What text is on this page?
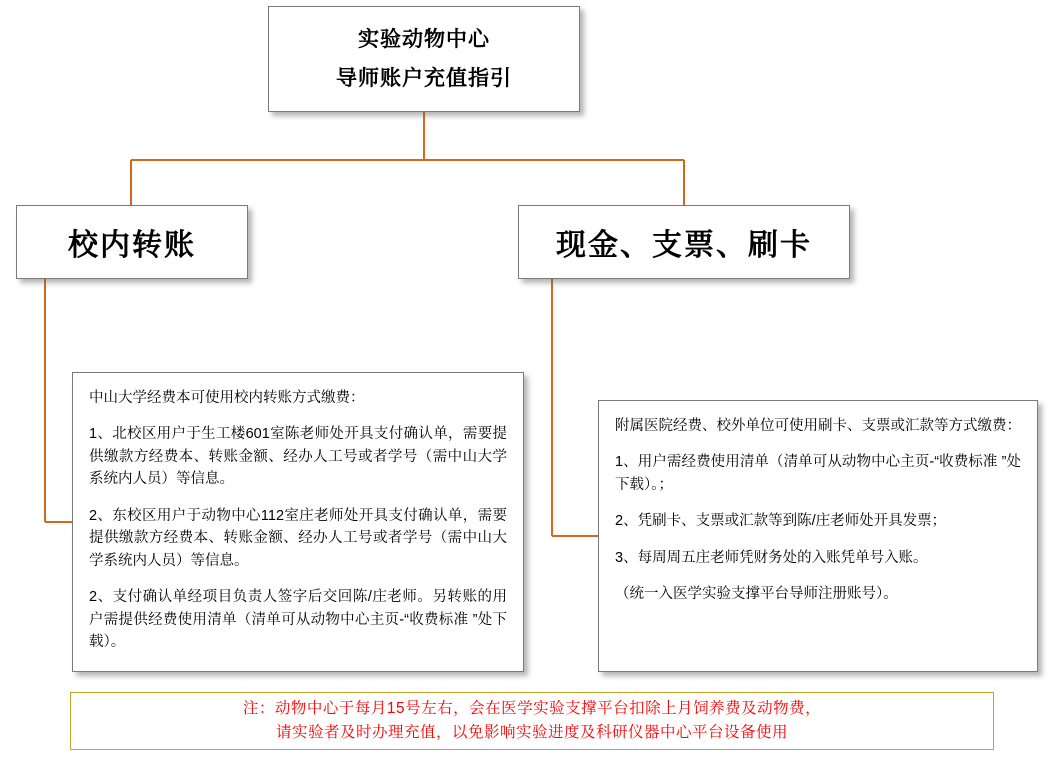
实验动物中心
导师账户充值指引
校内转账	现金、支票、刷卡

中山大学经费本可使用校内转账方式缴费：

1、北校区用户于生工楼601室陈老师处开具支付确认单，需要提供缴款方经费本、转账金额、经办人工号或者学号（需中山大学系统内人员）等信息。

2、东校区用户于动物中心112室庄老师处开具支付确认单，需要提供缴款方经费本、转账金额、经办人工号或者学号（需中山大学系统内人员）等信息。

2、支付确认单经项目负责人签字后交回陈/庄老师。另转账的用户需提供经费使用清单（清单可从动物中心主页-“收费标准 ”处下载）。

附属医院经费、校外单位可使用刷卡、支票或汇款等方式缴费：

1、用户需经费使用清单（清单可从动物中心主页-“收费标准 ”处下载）。；

2、凭刷卡、支票或汇款等到陈/庄老师处开具发票；

3、每周周五庄老师凭财务处的入账凭单号入账。

（统一入医学实验支撑平台导师注册账号）。

注：动物中心于每月15号左右，会在医学实验支撑平台扣除上月饲养费及动物费，
请实验者及时办理充值，以免影响实验进度及科研仪器中心平台设备使用
